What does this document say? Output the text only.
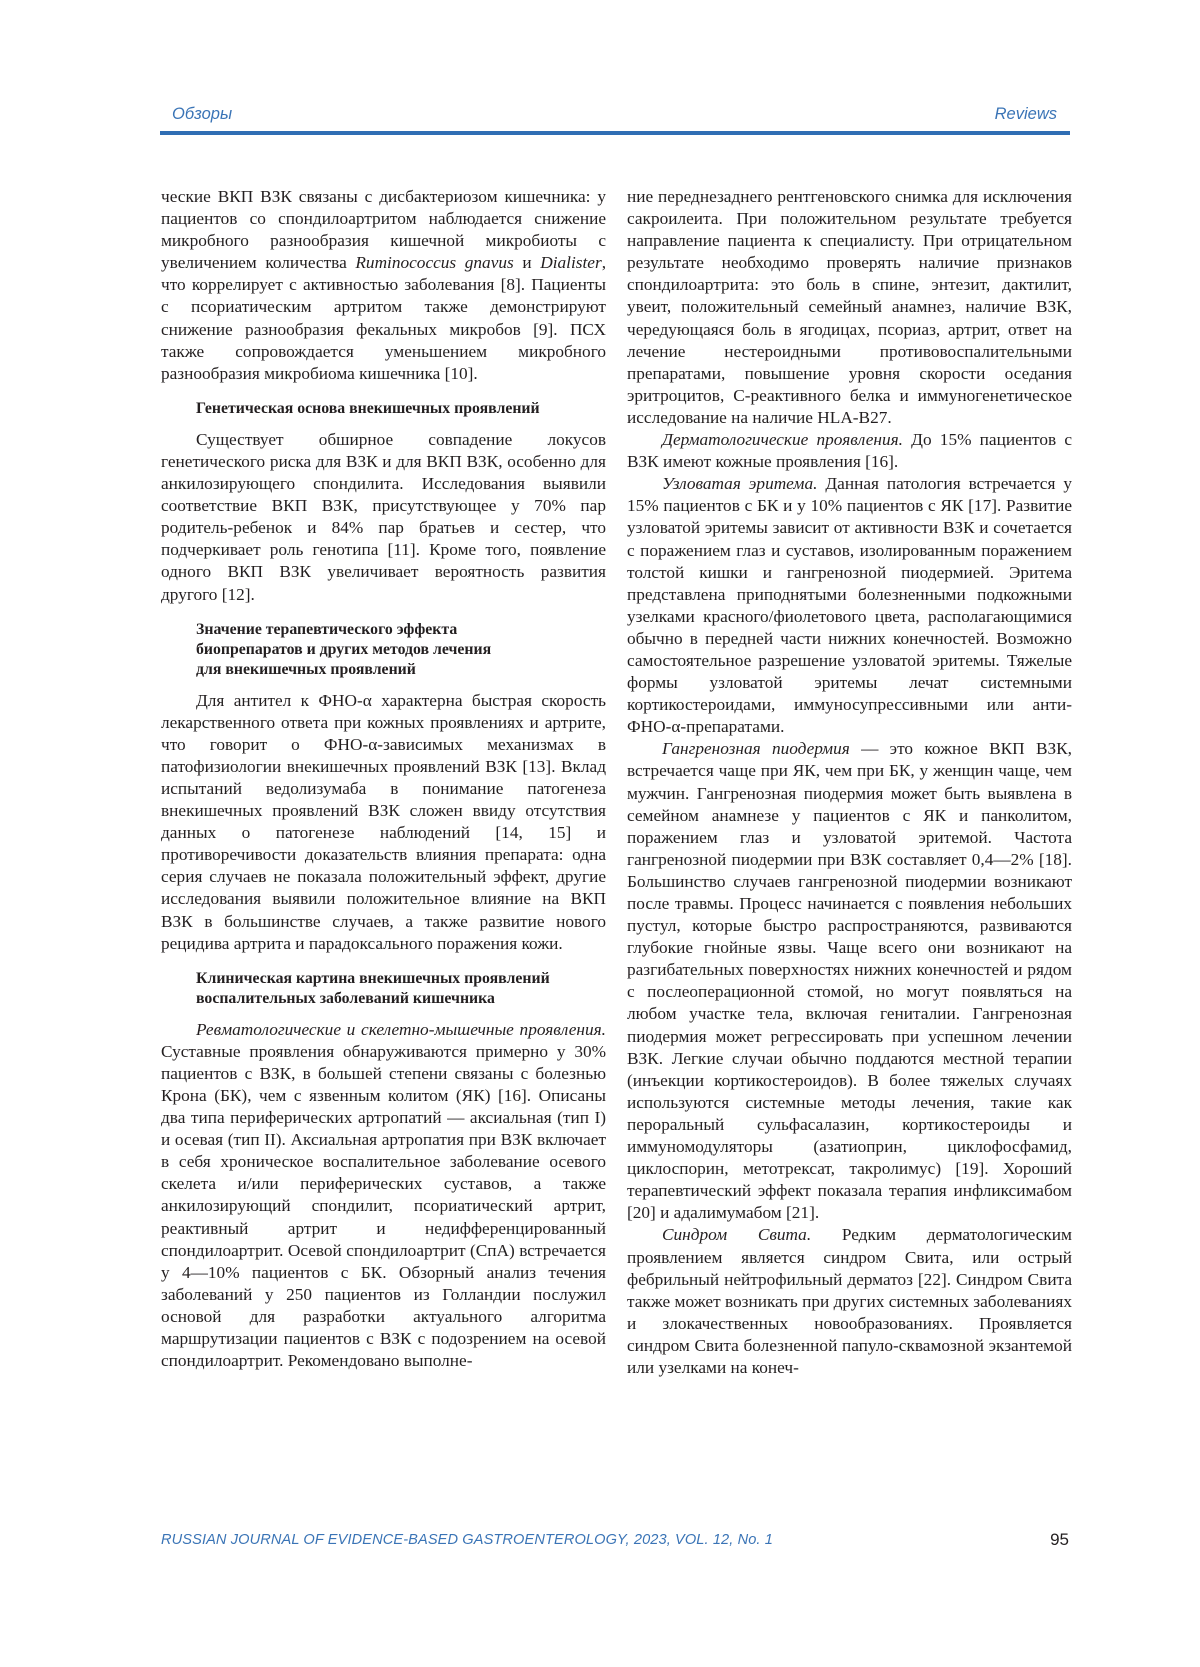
Обзоры	Reviews

ческие ВКП ВЗК связаны с дисбактериозом кишечника: у пациентов со спондилоартритом наблюдается снижение микробного разнообразия кишечной микробиоты с увеличением количества Ruminococcus gnavus и Dialister, что коррелирует с активностью заболевания [8]. Пациенты с псориатическим артритом также демонстрируют снижение разнообразия фекальных микробов [9]. ПСХ также сопровождается уменьшением микробного разнообразия микробиома кишечника [10].

Генетическая основа внекишечных проявлений

Существует обширное совпадение локусов генетического риска для ВЗК и для ВКП ВЗК, особенно для анкилозирующего спондилита. Исследования выявили соответствие ВКП ВЗК, присутствующее у 70% пар родитель-ребенок и 84% пар братьев и сестер, что подчеркивает роль генотипа [11]. Кроме того, появление одного ВКП ВЗК увеличивает вероятность развития другого [12].

Значение терапевтического эффекта
биопрепаратов и других методов лечения
для внекишечных проявлений

Для антител к ФНО-α характерна быстрая скорость лекарственного ответа при кожных проявлениях и артрите, что говорит о ФНО-α-зависимых механизмах в патофизиологии внекишечных проявлений ВЗК [13]. Вклад испытаний ведолизумаба в понимание патогенеза внекишечных проявлений ВЗК сложен ввиду отсутствия данных о патогенезе наблюдений [14, 15] и противоречивости доказательств влияния препарата: одна серия случаев не показала положительный эффект, другие исследования выявили положительное влияние на ВКП ВЗК в большинстве случаев, а также развитие нового рецидива артрита и парадоксального поражения кожи.

Клиническая картина внекишечных проявлений
воспалительных заболеваний кишечника

Ревматологические и скелетно-мышечные проявления. Суставные проявления обнаруживаются примерно у 30% пациентов с ВЗК, в большей степени связаны с болезнью Крона (БК), чем с язвенным колитом (ЯК) [16]. Описаны два типа периферических артропатий — аксиальная (тип I) и осевая (тип II). Аксиальная артропатия при ВЗК включает в себя хроническое воспалительное заболевание осевого скелета и/или периферических суставов, а также анкилозирующий спондилит, псориатический артрит, реактивный артрит и недифференцированный спондилоартрит. Осевой спондилоартрит (СпА) встречается у 4—10% пациентов с БК. Обзорный анализ течения заболеваний у 250 пациентов из Голландии послужил основой для разработки актуального алгоритма маршрутизации пациентов с ВЗК с подозрением на осевой спондилоартрит. Рекомендовано выполне-

ние переднезаднего рентгеновского снимка для исключения сакроилеита. При положительном результате требуется направление пациента к специалисту. При отрицательном результате необходимо проверять наличие признаков спондилоартрита: это боль в спине, энтезит, дактилит, увеит, положительный семейный анамнез, наличие ВЗК, чередующаяся боль в ягодицах, псориаз, артрит, ответ на лечение нестероидными противовоспалительными препаратами, повышение уровня скорости оседания эритроцитов, С-реактивного белка и иммуногенетическое исследование на наличие HLA-B27.

Дерматологические проявления. До 15% пациентов с ВЗК имеют кожные проявления [16].

Узловатая эритема. Данная патология встречается у 15% пациентов с БК и у 10% пациентов с ЯК [17]. Развитие узловатой эритемы зависит от активности ВЗК и сочетается с поражением глаз и суставов, изолированным поражением толстой кишки и гангренозной пиодермией. Эритема представлена приподнятыми болезненными подкожными узелками красного/фиолетового цвета, располагающимися обычно в передней части нижних конечностей. Возможно самостоятельное разрешение узловатой эритемы. Тяжелые формы узловатой эритемы лечат системными кортикостероидами, иммуносупрессивными или анти-ФНО-α-препаратами.

Гангренозная пиодермия — это кожное ВКП ВЗК, встречается чаще при ЯК, чем при БК, у женщин чаще, чем мужчин. Гангренозная пиодермия может быть выявлена в семейном анамнезе у пациентов с ЯК и панколитом, поражением глаз и узловатой эритемой. Частота гангренозной пиодермии при ВЗК составляет 0,4—2% [18]. Большинство случаев гангренозной пиодермии возникают после травмы. Процесс начинается с появления небольших пустул, которые быстро распространяются, развиваются глубокие гнойные язвы. Чаще всего они возникают на разгибательных поверхностях нижних конечностей и рядом с послеоперационной стомой, но могут появляться на любом участке тела, включая гениталии. Гангренозная пиодермия может регрессировать при успешном лечении ВЗК. Легкие случаи обычно поддаются местной терапии (инъекции кортикостероидов). В более тяжелых случаях используются системные методы лечения, такие как пероральный сульфасалазин, кортикостероиды и иммуномодуляторы (азатиоприн, циклофосфамид, циклоспорин, метотрексат, такролимус) [19]. Хороший терапевтический эффект показала терапия инфликсимабом [20] и адалимумабом [21].

Синдром Свита. Редким дерматологическим проявлением является синдром Свита, или острый фебрильный нейтрофильный дерматоз [22]. Синдром Свита также может возникать при других системных заболеваниях и злокачественных новообразованиях. Проявляется синдром Свита болезненной папуло-сквамозной экзантемой или узелками на конеч-

RUSSIAN JOURNAL OF EVIDENCE-BASED GASTROENTEROLOGY, 2023, VOL. 12, No. 1	95
